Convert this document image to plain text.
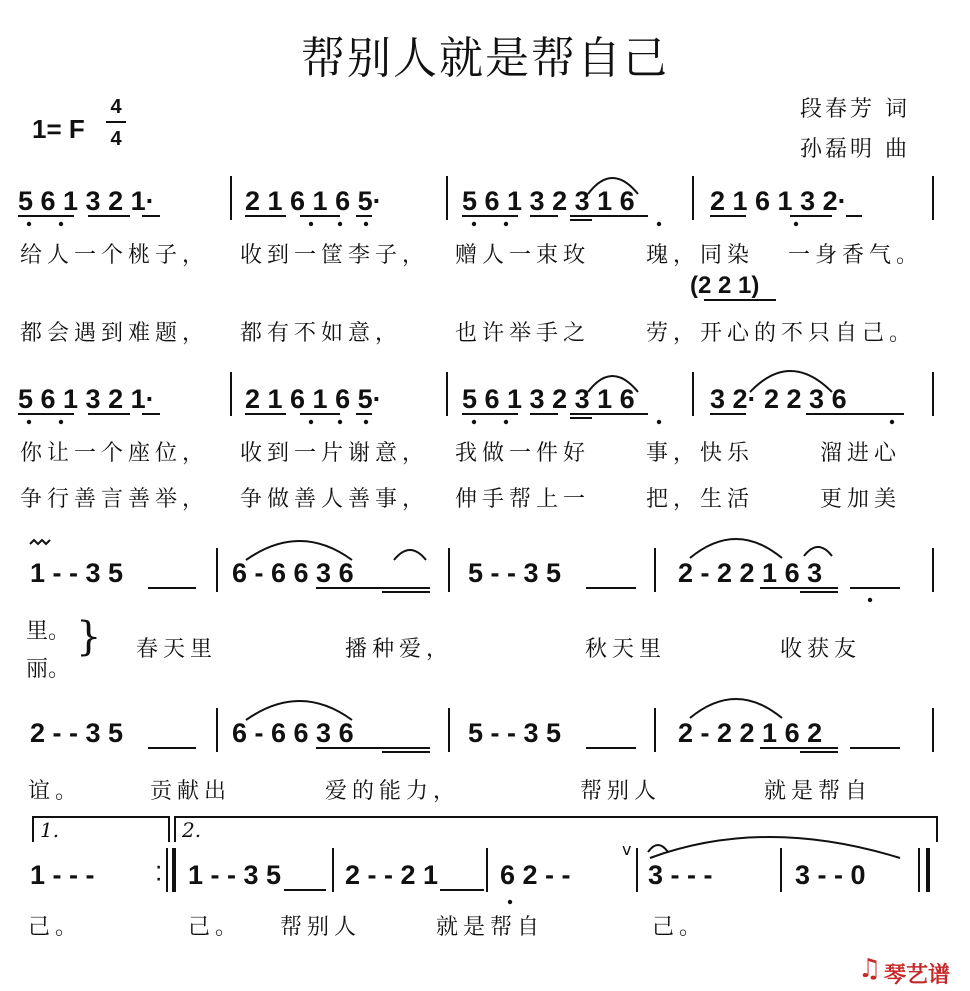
帮别人就是帮自己
段春芳 词
孙磊明 曲
1= F
4
4
5 6 1 3 2 1·	2 1 6 1 6 5·	5 6 1 3 2 3 1 6	2 1 6 1 3 2·
给人一个桃子， 收到一筐李子， 赠人一束玫	瑰，同染 一身香气。
(2 2 1)
都会遇到难题， 都有不如意， 也许举手之	劳，开心的不只自己。
5 6 1 3 2 1·	2 1 6 1 6 5·	5 6 1 3 2 3 1 6	3 2· 2 2 3 6
你让一个座位， 收到一片谢意， 我做一件好	事，快乐	溜进心
争行善言善举， 争做善人善事， 伸手帮上一	把，生活	更加美
1 - - 3 5	6 - 6 6 3 6	5 - - 3 5	2 - 2 2 1 6 3
里。
丽。
} 春天里	播种爱，	秋天里	收获友
2 - - 3 5	6 - 6 6 3 6	5 - - 3 5	2 - 2 2 1 6 2
谊。	贡献出	爱的能力，	帮别人	就是帮自
1.	2.
1 - - -	1 - - 3 5 2 - - 2 1 6 2 - -	3 - - -	3 - - 0
·
·
v
己。	己。 帮别人	就是帮自	己。
♫ 琴艺谱
